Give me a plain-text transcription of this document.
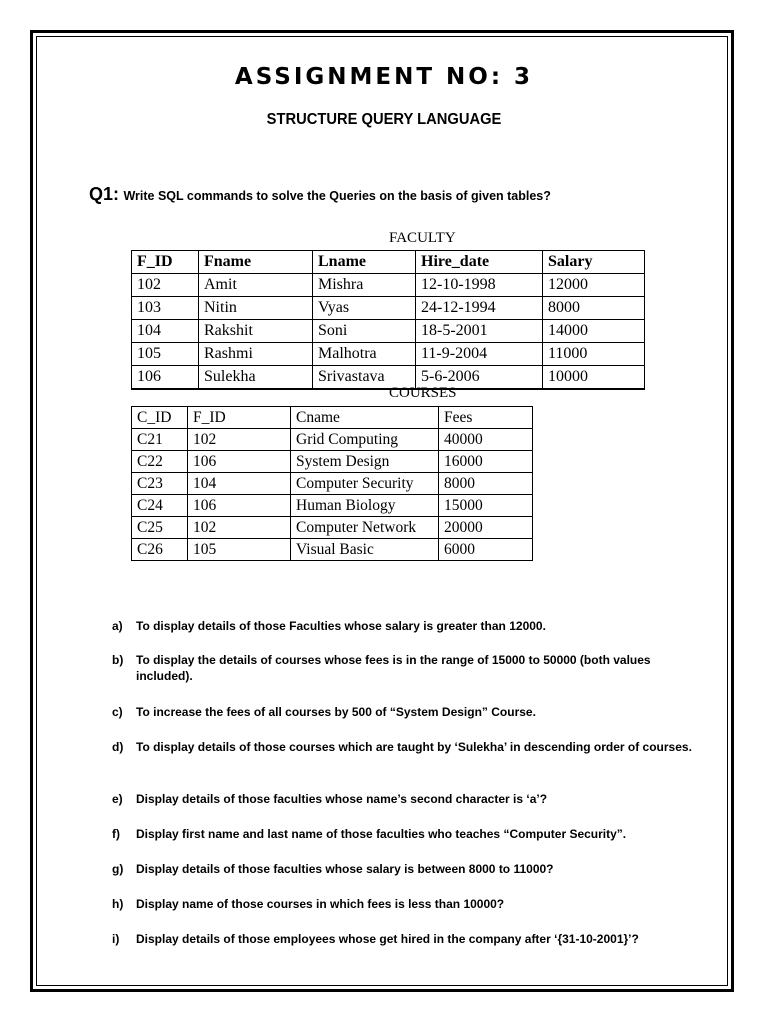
ASSIGNMENT NO: 3
STRUCTURE QUERY LANGUAGE
Q1: Write SQL commands to solve the Queries on the basis of given tables?
FACULTY
F_ID	Fname	Lname	Hire_date	Salary
102	Amit	Mishra	12-10-1998	12000
103	Nitin	Vyas	24-12-1994	8000
104	Rakshit	Soni	18-5-2001	14000
105	Rashmi	Malhotra	11-9-2004	11000
106	Sulekha	Srivastava	5-6-2006	10000
COURSES
C_ID	F_ID	Cname	Fees
C21	102	Grid Computing	40000
C22	106	System Design	16000
C23	104	Computer Security	8000
C24	106	Human Biology	15000
C25	102	Computer Network	20000
C26	105	Visual Basic	6000
a)	To display details of those Faculties whose salary is greater than 12000.
b)	To display the details of courses whose fees is in the range of 15000 to 50000 (both values included).
c)	To increase the fees of all courses by 500 of “System Design” Course.
d)	To display details of those courses which are taught by ‘Sulekha’ in descending order of courses.
e)	Display details of those faculties whose name’s second character is ‘a’?
f)	Display first name and last name of those faculties who teaches “Computer Security”.
g)	Display details of those faculties whose salary is between 8000 to 11000?
h)	Display name of those courses in which fees is less than 10000?
i)	Display details of those employees whose get hired in the company after ‘{31-10-2001}’?
